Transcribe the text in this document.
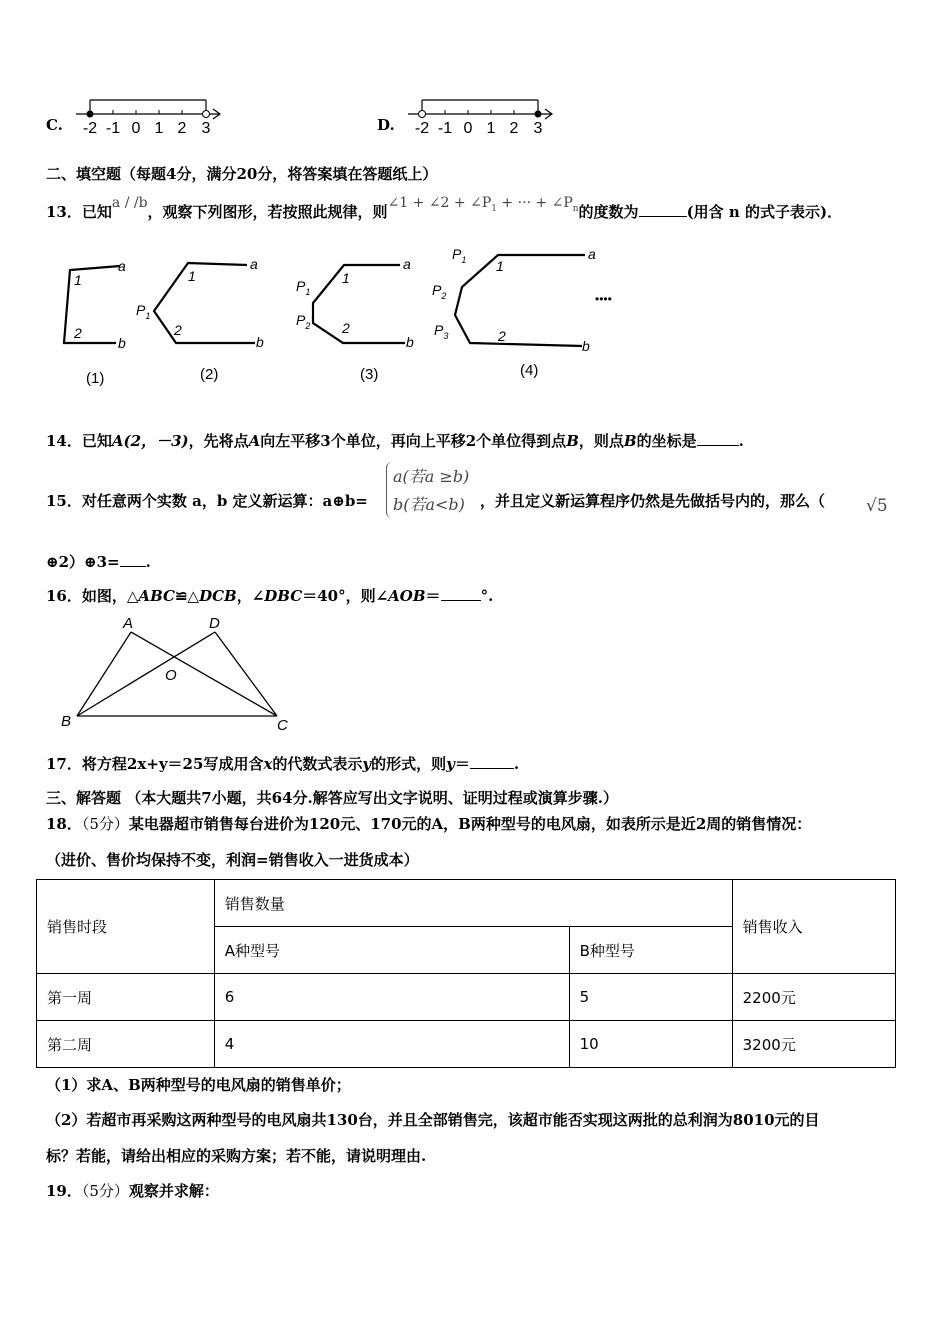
C. -2 -1 0 1 2 3	D. -2 -1 0 1 2 3
二、填空题（每题4分，满分20分，将答案填在答题纸上）
13．已知a / /b，观察下列图形，若按照此规律，则∠1 + ∠2 + $\angle P_1$ + ··· + $\angle P_n$的度数为	(用含 n 的式子表示)．
a
b
1
2
a
b
1
2
$P_1$
a
b
1
2
$P_1$
$P_2$
a
b
1
2
$P_1$
$P_2$
$P_3$
••••
(1)	(2)	(3)	(4)
14．已知A(2，－3)，先将点A向左平移3个单位，再向上平移2个单位得到点B，则点B的坐标是	.
15．对任意两个实数 a，b 定义新运算：a⊕b=
a(若a ≥b)
b(若a<b) ，并且定义新运算程序仍然是先做括号内的，那么（ √5
⊕2）⊕3= .
16．如图，△ABC≌△DCB，∠DBC＝40°，则∠AOB＝	°.
A	D
O
B	C
17．将方程2x+y＝25写成用含x的代数式表示y的形式，则y＝	.
三、解答题 （本大题共7小题，共64分.解答应写出文字说明、证明过程或演算步骤.）
18．（5分）某电器超市销售每台进价为120元、170元的A，B两种型号的电风扇，如表所示是近2周的销售情况：
（进价、售价均保持不变，利润=销售收入一进货成本）
销售时段	销售数量		销售收入
	A种型号	B种型号	
第一周	6	5	2200元
第二周	4	10	3200元
（1）求A、B两种型号的电风扇的销售单价；
（2）若超市再采购这两种型号的电风扇共130台，并且全部销售完，该超市能否实现这两批的总利润为8010元的目
标？若能，请给出相应的采购方案；若不能，请说明理由.
19．（5分）观察并求解：
